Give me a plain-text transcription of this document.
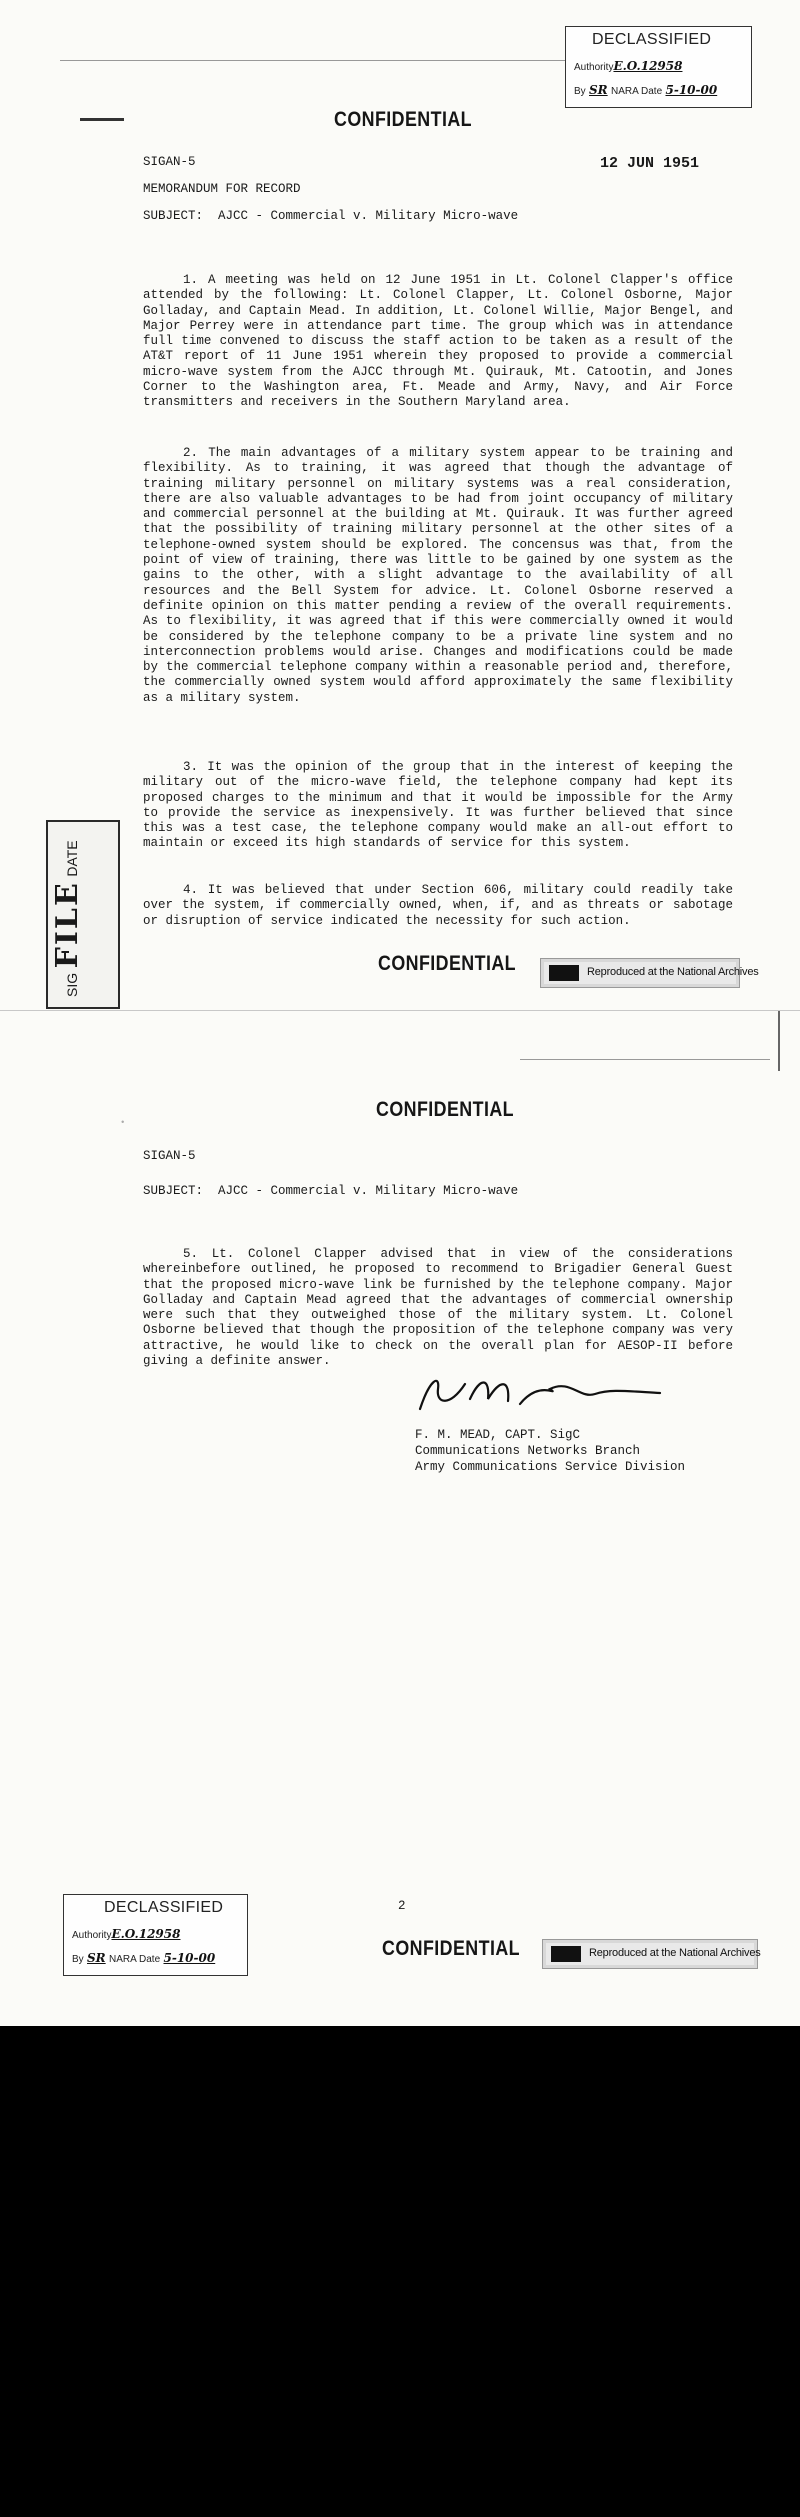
DECLASSIFIED
AuthorityE.O.12958
By SR NARA Date 5-10-00
CONFIDENTIAL
12 JUN 1951
SIGAN-5
MEMORANDUM FOR RECORD
SUBJECT: AJCC - Commercial v. Military Micro-wave

1. A meeting was held on 12 June 1951 in Lt. Colonel Clapper's office attended by the following: Lt. Colonel Clapper, Lt. Colonel Osborne, Major Golladay, and Captain Mead. In addition, Lt. Colonel Willie, Major Bengel, and Major Perrey were in attendance part time. The group which was in attendance full time convened to discuss the staff action to be taken as a result of the AT&T report of 11 June 1951 wherein they proposed to provide a commercial micro-wave system from the AJCC through Mt. Quirauk, Mt. Catootin, and Jones Corner to the Washington area, Ft. Meade and Army, Navy, and Air Force transmitters and receivers in the Southern Maryland area.

2. The main advantages of a military system appear to be training and flexibility. As to training, it was agreed that though the advantage of training military personnel on military systems was a real consideration, there are also valuable advantages to be had from joint occupancy of military and commercial personnel at the building at Mt. Quirauk. It was further agreed that the possibility of training military personnel at the other sites of a telephone-owned system should be explored. The concensus was that, from the point of view of training, there was little to be gained by one system as the gains to the other, with a slight advantage to the availability of all resources and the Bell System for advice. Lt. Colonel Osborne reserved a definite opinion on this matter pending a review of the overall requirements. As to flexibility, it was agreed that if this were commercially owned it would be considered by the telephone company to be a private line system and no interconnection problems would arise. Changes and modifications could be made by the commercial telephone company within a reasonable period and, therefore, the commercially owned system would afford approximately the same flexibility as a military system.

3. It was the opinion of the group that in the interest of keeping the military out of the micro-wave field, the telephone company had kept its proposed charges to the minimum and that it would be impossible for the Army to provide the service as inexpensively. It was further believed that since this was a test case, the telephone company would make an all-out effort to maintain or exceed its high standards of service for this system.

4. It was believed that under Section 606, military could readily take over the system, if commercially owned, when, if, and as threats or sabotage or disruption of service indicated the necessity for such action.

CONFIDENTIAL	Reproduced at the National Archives
SIG FILE DATE
CONFIDENTIAL
•
SIGAN-5
SUBJECT: AJCC - Commercial v. Military Micro-wave

5. Lt. Colonel Clapper advised that in view of the considerations whereinbefore outlined, he proposed to recommend to Brigadier General Guest that the proposed micro-wave link be furnished by the telephone company. Major Golladay and Captain Mead agreed that the advantages of commercial ownership were such that they outweighed those of the military system. Lt. Colonel Osborne believed that though the proposition of the telephone company was very attractive, he would like to check on the overall plan for AESOP-II before giving a definite answer.

F. M. MEAD, CAPT. SigC
Communications Networks Branch
Army Communications Service Division
2
DECLASSIFIED
AuthorityE.O.12958
By SR NARA Date 5-10-00	CONFIDENTIAL	Reproduced at the National Archives
